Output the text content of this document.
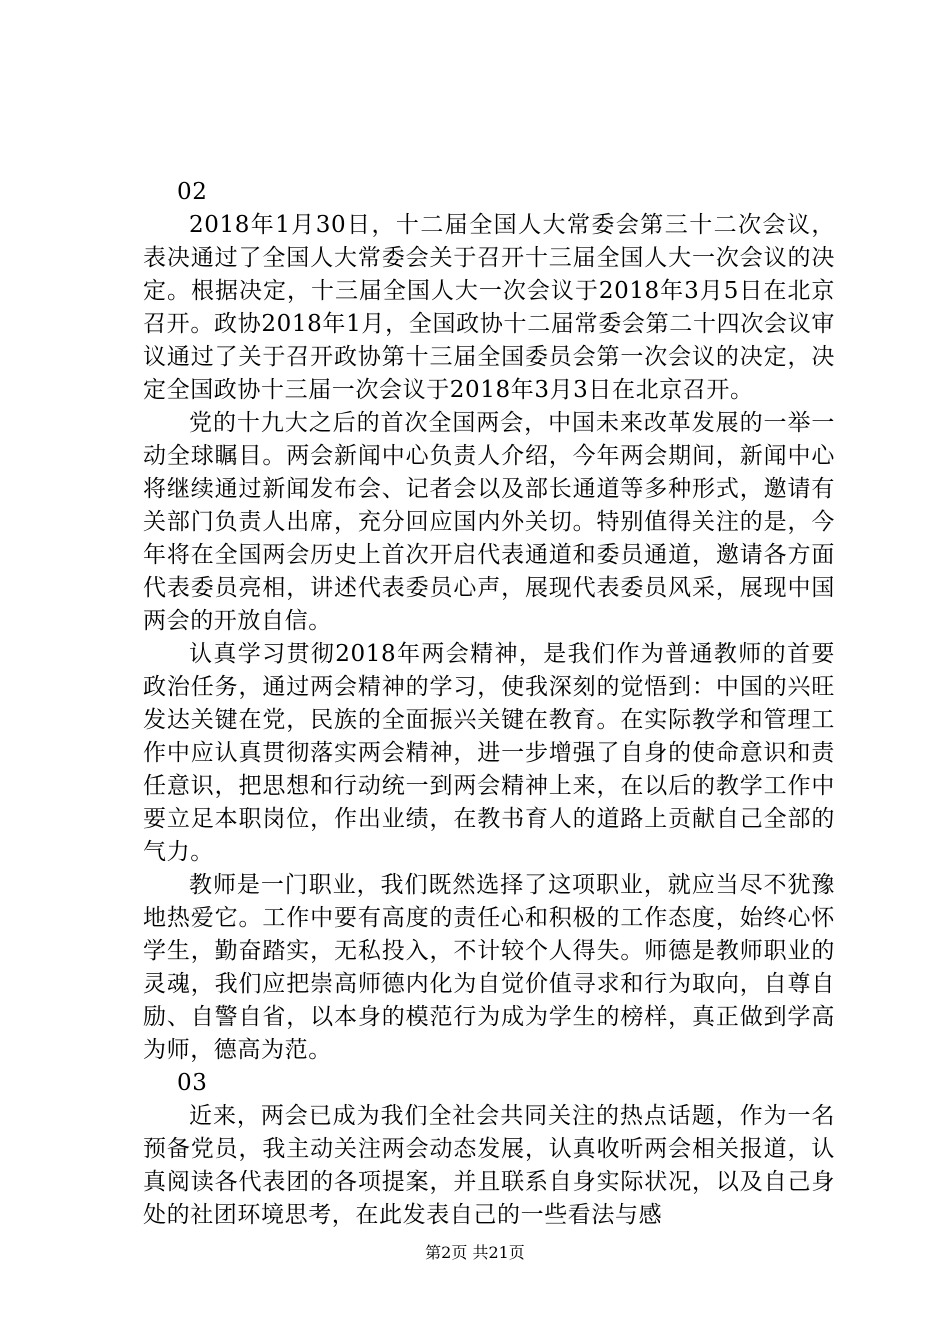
02

2018年1月30日，十二届全国人大常委会第三十二次会议，表决通过了全国人大常委会关于召开十三届全国人大一次会议的决定。根据决定，十三届全国人大一次会议于2018年3月5日在北京召开。政协2018年1月，全国政协十二届常委会第二十四次会议审议通过了关于召开政协第十三届全国委员会第一次会议的决定，决定全国政协十三届一次会议于2018年3月3日在北京召开。

党的十九大之后的首次全国两会，中国未来改革发展的一举一动全球瞩目。两会新闻中心负责人介绍，今年两会期间，新闻中心将继续通过新闻发布会、记者会以及部长通道等多种形式，邀请有关部门负责人出席，充分回应国内外关切。特别值得关注的是，今年将在全国两会历史上首次开启代表通道和委员通道，邀请各方面代表委员亮相，讲述代表委员心声，展现代表委员风采，展现中国两会的开放自信。

认真学习贯彻2018年两会精神，是我们作为普通教师的首要政治任务，通过两会精神的学习，使我深刻的觉悟到：中国的兴旺发达关键在党，民族的全面振兴关键在教育。在实际教学和管理工作中应认真贯彻落实两会精神，进一步增强了自身的使命意识和责任意识，把思想和行动统一到两会精神上来，在以后的教学工作中要立足本职岗位，作出业绩，在教书育人的道路上贡献自己全部的气力。

教师是一门职业，我们既然选择了这项职业，就应当尽不犹豫地热爱它。工作中要有高度的责任心和积极的工作态度，始终心怀学生，勤奋踏实，无私投入，不计较个人得失。师德是教师职业的灵魂，我们应把崇高师德内化为自觉价值寻求和行为取向，自尊自励、自警自省，以本身的模范行为成为学生的榜样，真正做到学高为师，德高为范。

03

近来，两会已成为我们全社会共同关注的热点话题，作为一名预备党员，我主动关注两会动态发展，认真收听两会相关报道，认真阅读各代表团的各项提案，并且联系自身实际状况，以及自己身处的社团环境思考，在此发表自己的一些看法与感

第2页 共21页
